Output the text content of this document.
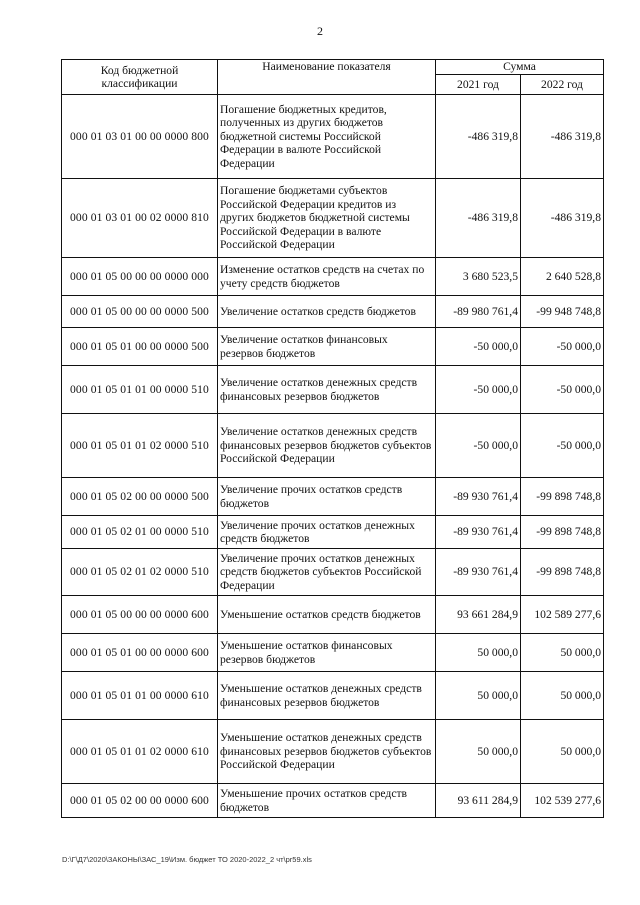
2
Код бюджетной классификации	Наименование показателя	Сумма	
		2021 год	2022 год
000 01 03 01 00 00 0000 800	Погашение бюджетных кредитов, полученных из других бюджетов бюджетной системы Российской Федерации в валюте Российской Федерации	-486 319,8	-486 319,8
000 01 03 01 00 02 0000 810	Погашение бюджетами субъектов Российской Федерации кредитов из других бюджетов бюджетной системы Российской Федерации в валюте Российской Федерации	-486 319,8	-486 319,8
000 01 05 00 00 00 0000 000	Изменение остатков средств на счетах по учету средств бюджетов	3 680 523,5	2 640 528,8
000 01 05 00 00 00 0000 500	Увеличение остатков средств бюджетов	-89 980 761,4	-99 948 748,8
000 01 05 01 00 00 0000 500	Увеличение остатков финансовых резервов бюджетов	-50 000,0	-50 000,0
000 01 05 01 01 00 0000 510	Увеличение остатков денежных средств финансовых резервов бюджетов	-50 000,0	-50 000,0
000 01 05 01 01 02 0000 510	Увеличение остатков денежных средств финансовых резервов бюджетов субъектов Российской Федерации	-50 000,0	-50 000,0
000 01 05 02 00 00 0000 500	Увеличение прочих остатков средств бюджетов	-89 930 761,4	-99 898 748,8
000 01 05 02 01 00 0000 510	Увеличение прочих остатков денежных средств бюджетов	-89 930 761,4	-99 898 748,8
000 01 05 02 01 02 0000 510	Увеличение прочих остатков денежных средств бюджетов субъектов Российской Федерации	-89 930 761,4	-99 898 748,8
000 01 05 00 00 00 0000 600	Уменьшение остатков средств бюджетов	93 661 284,9	102 589 277,6
000 01 05 01 00 00 0000 600	Уменьшение остатков финансовых резервов бюджетов	50 000,0	50 000,0
000 01 05 01 01 00 0000 610	Уменьшение остатков денежных средств финансовых резервов бюджетов	50 000,0	50 000,0
000 01 05 01 01 02 0000 610	Уменьшение остатков денежных средств финансовых резервов бюджетов субъектов Российской Федерации	50 000,0	50 000,0
000 01 05 02 00 00 0000 600	Уменьшение прочих остатков средств бюджетов	93 611 284,9	102 539 277,6
D:\Г\Д7\2020\ЗАКОНЫ\ЗАС_19\Изм. бюджет ТО 2020-2022_2 чт\pr59.xls
